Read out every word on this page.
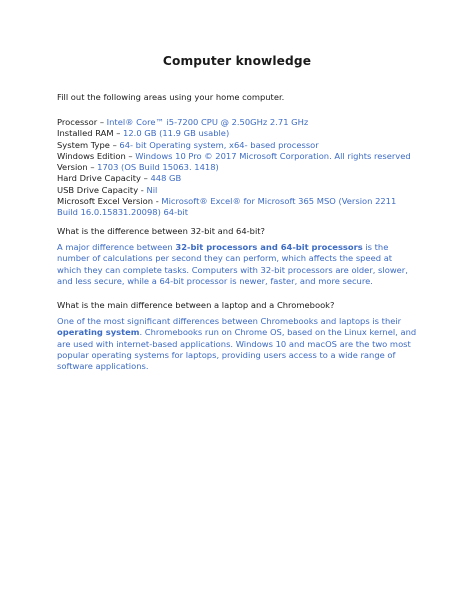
Computer knowledge

Fill out the following areas using your home computer.

Processor – Intel® Core™ i5-7200 CPU @ 2.50GHz 2.71 GHz
Installed RAM – 12.0 GB (11.9 GB usable)
System Type – 64- bit Operating system, x64- based processor
Windows Edition – Windows 10 Pro © 2017 Microsoft Corporation. All rights reserved
Version – 1703 (OS Build 15063. 1418)
Hard Drive Capacity – 448 GB
USB Drive Capacity - Nil
Microsoft Excel Version - Microsoft® Excel® for Microsoft 365 MSO (Version 2211
Build 16.0.15831.20098) 64-bit

What is the difference between 32-bit and 64-bit?

A major difference between 32-bit processors and 64-bit processors is the number of calculations per second they can perform, which affects the speed at which they can complete tasks. Computers with 32-bit processors are older, slower, and less secure, while a 64-bit processor is newer, faster, and more secure.

What is the main difference between a laptop and a Chromebook?

One of the most significant differences between Chromebooks and laptops is their operating system. Chromebooks run on Chrome OS, based on the Linux kernel, and are used with internet-based applications. Windows 10 and macOS are the two most popular operating systems for laptops, providing users access to a wide range of software applications.
